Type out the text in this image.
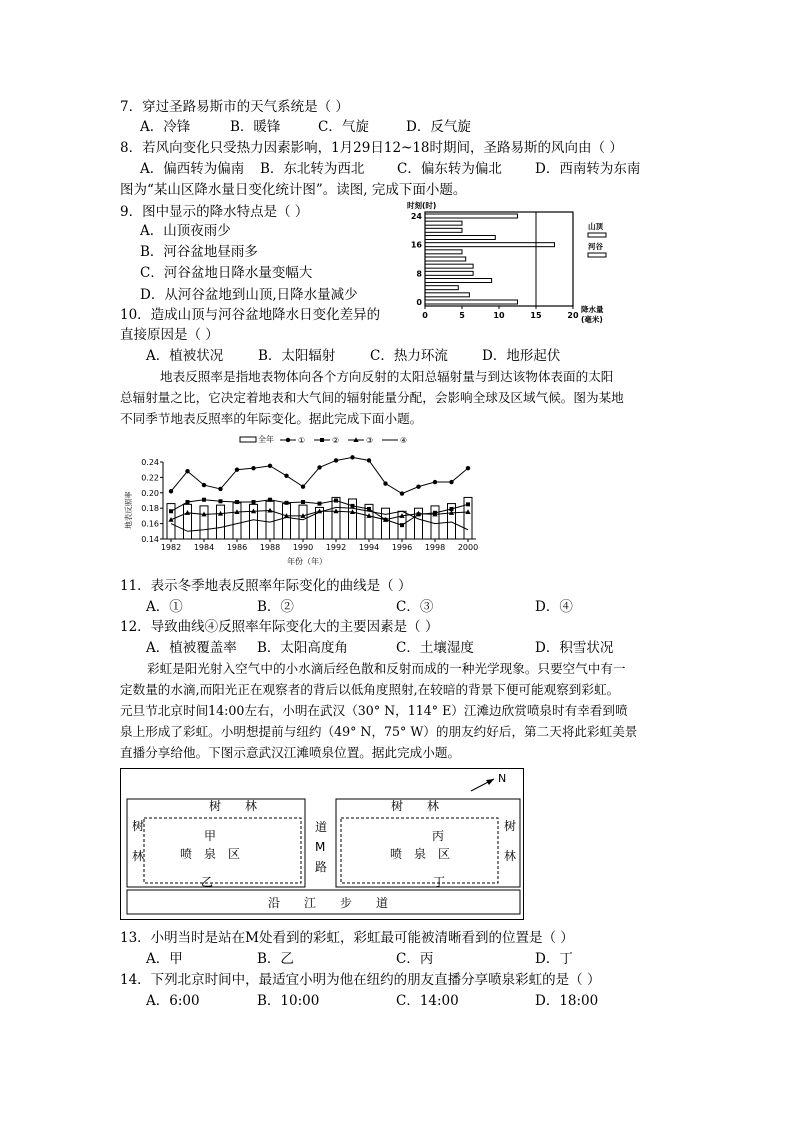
7．穿过圣路易斯市的天气系统是（ ）
A．冷锋	B．暖锋	C．气旋	D．反气旋
8．若风向变化只受热力因素影响，1月29日12~18时期间，圣路易斯的风向由（ ）
A．偏西转为偏南 B．东北转为西北 C．偏东转为偏北 D．西南转为东南
图为“某山区降水量日变化统计图”。读图, 完成下面小题。
9．图中显示的降水特点是（ ）
A．山顶夜雨少
B．河谷盆地昼雨多
C．河谷盆地日降水量变幅大
D．从河谷盆地到山顶,日降水量减少
10．造成山顶与河谷盆地降水日变化差异的
直接原因是（ ）
A．植被状况	B．太阳辐射	C．热力环流	D．地形起伏
0	5	10	15	20
0
8
16
24
时刻(时)
降水量
(毫米)
山顶
河谷
地表反照率是指地表物体向各个方向反射的太阳总辐射量与到达该物体表面的太阳
总辐射量之比，它决定着地表和大气间的辐射能量分配，会影响全球及区域气候。图为某地
不同季节地表反照率的年际变化。据此完成下面小题。
全年	①	②	③	④
0.14
0.16
0.18
0.20
0.22
0.24
1982 1984 1986 1988 1990 1992 1994 1996 1998 2000
地表反照率
年份（年）
11．表示冬季地表反照率年际变化的曲线是（ ）
A．①	B．②	C．③	D．④
12．导致曲线④反照率年际变化大的主要因素是（ ）
A．植被覆盖率 B．太阳高度角	C．土壤湿度	D．积雪状况
彩虹是阳光射入空气中的小水滴后经色散和反射而成的一种光学现象。只要空气中有一
定数量的水滴,而阳光正在观察者的背后以低角度照射,在较暗的背景下便可能观察到彩虹。
元旦节北京时间14:00左右，小明在武汉（30° N，114° E）江滩边欣赏喷泉时有幸看到喷
泉上形成了彩虹。小明想提前与纽约（49° N，75° W）的朋友约好后，第二天将此彩虹美景
直播分享给他。下图示意武汉江滩喷泉位置。据此完成小题。
树　　林	树　　林
树
林
树
林
甲
喷　泉　区
丙
喷　泉　区
道
M
路
乙	丁
沿　　江　　步　　道
N
13．小明当时是站在M处看到的彩虹，彩虹最可能被清晰看到的位置是（ ）
A．甲	B．乙	C．丙	D．丁
14．下列北京时间中，最适宜小明为他在纽约的朋友直播分享喷泉彩虹的是（ ）
A．6:00	B．10:00	C．14:00	D．18:00
